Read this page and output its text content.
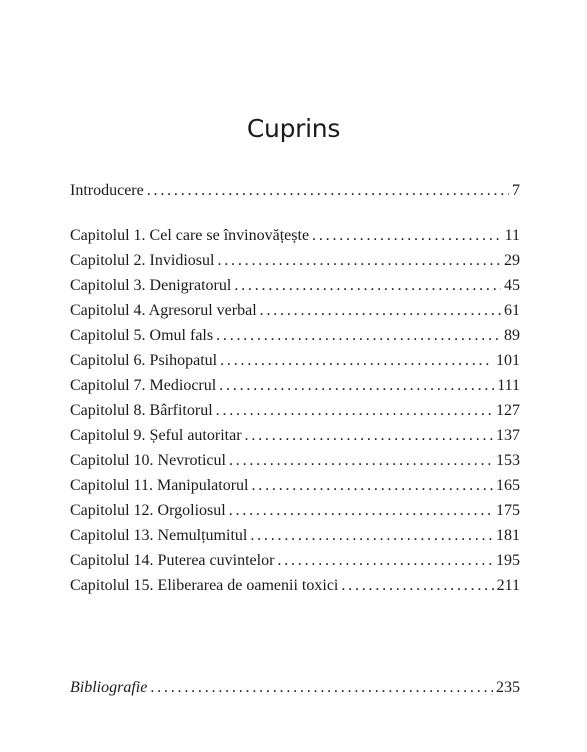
Cuprins
Introducere . . .	7
Capitolul 1. Cel care se învinovățește . . .	11
Capitolul 2. Invidiosul . . .	29
Capitolul 3. Denigratorul . . .	45
Capitolul 4. Agresorul verbal . . .	61
Capitolul 5. Omul fals . . .	89
Capitolul 6. Psihopatul . . .	101
Capitolul 7. Mediocrul . . .	111
Capitolul 8. Bârfitorul . . .	127
Capitolul 9. Șeful autoritar . . .	137
Capitolul 10. Nevroticul . . .	153
Capitolul 11. Manipulatorul . . .	165
Capitolul 12. Orgoliosul . . .	175
Capitolul 13. Nemulțumitul . . .	181
Capitolul 14. Puterea cuvintelor . . .	195
Capitolul 15. Eliberarea de oamenii toxici . . .	211
Bibliografie . . .	235
